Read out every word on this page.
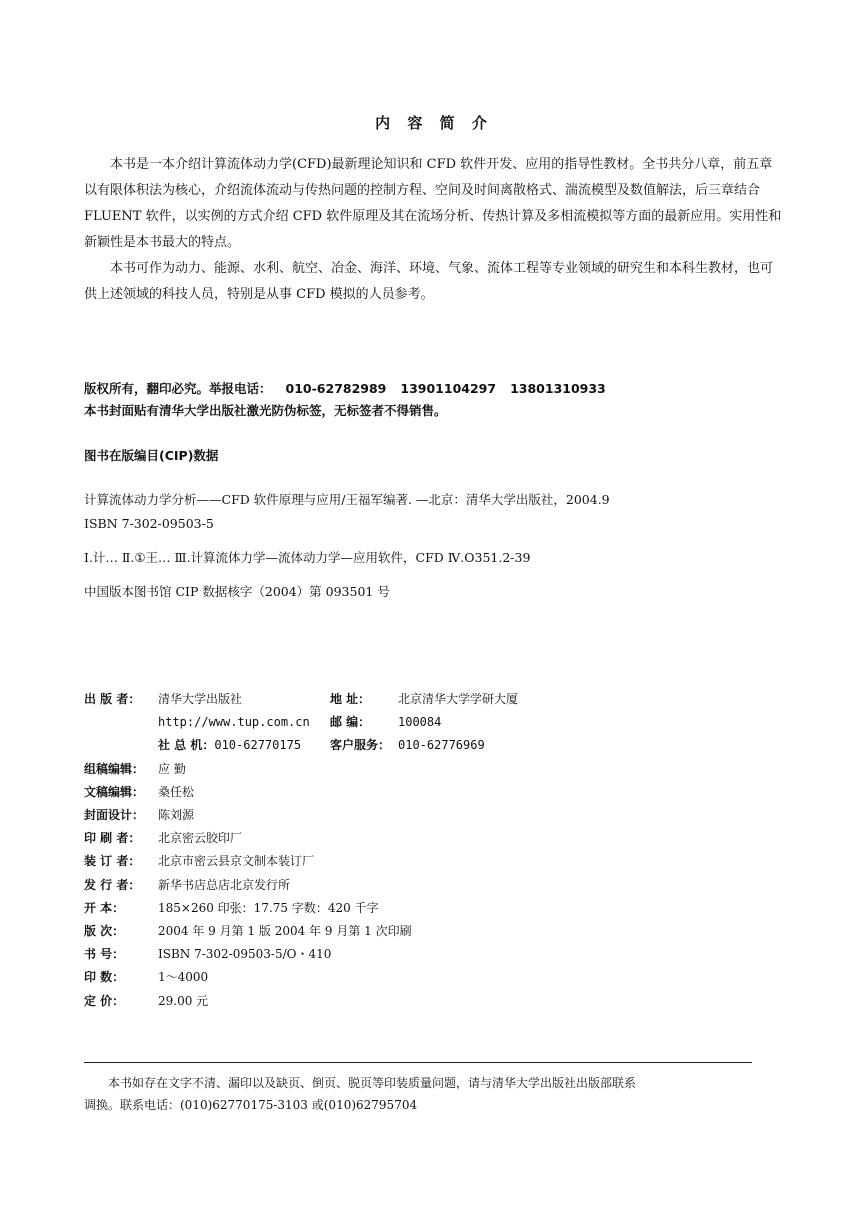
内 容 简 介

本书是一本介绍计算流体动力学(CFD)最新理论知识和 CFD 软件开发、应用的指导性教材。全书共分八章，前五章以有限体积法为核心，介绍流体流动与传热问题的控制方程、空间及时间离散格式、湍流模型及数值解法，后三章结合 FLUENT 软件，以实例的方式介绍 CFD 软件原理及其在流场分析、传热计算及多相流模拟等方面的最新应用。实用性和新颖性是本书最大的特点。

本书可作为动力、能源、水利、航空、冶金、海洋、环境、气象、流体工程等专业领域的研究生和本科生教材，也可供上述领域的科技人员，特别是从事 CFD 模拟的人员参考。

版权所有，翻印必究。举报电话： 010-62782989 13901104297 13801310933
本书封面贴有清华大学出版社激光防伪标签，无标签者不得销售。
图书在版编目(CIP)数据
计算流体动力学分析——CFD 软件原理与应用/王福军编著. —北京：清华大学出版社，2004.9
ISBN 7-302-09503-5
Ⅰ.计… Ⅱ.①王… Ⅲ.计算流体力学—流体动力学—应用软件，CFD Ⅳ.O351.2-39
中国版本图书馆 CIP 数据核字（2004）第 093501 号
出 版 者：	清华大学出版社	地 址：	北京清华大学学研大厦
http://www.tup.com.cn	邮 编：	100084
社 总 机：010-62770175	客户服务： 010-62776969
组稿编辑：	应 勤
文稿编辑：	桑任松
封面设计：	陈刘源
印 刷 者：	北京密云胶印厂
装 订 者：	北京市密云县京文制本装订厂
发 行 者：	新华书店总店北京发行所
开 本：	185×260 印张：17.75 字数：420 千字
版 次：	2004 年 9 月第 1 版 2004 年 9 月第 1 次印刷
书 号：	ISBN 7-302-09503-5/O・410
印 数：	1～4000
定 价：	29.00 元

本书如存在文字不清、漏印以及缺页、倒页、脱页等印装质量问题，请与清华大学出版社出版部联系

调换。联系电话：(010)62770175-3103 或(010)62795704
